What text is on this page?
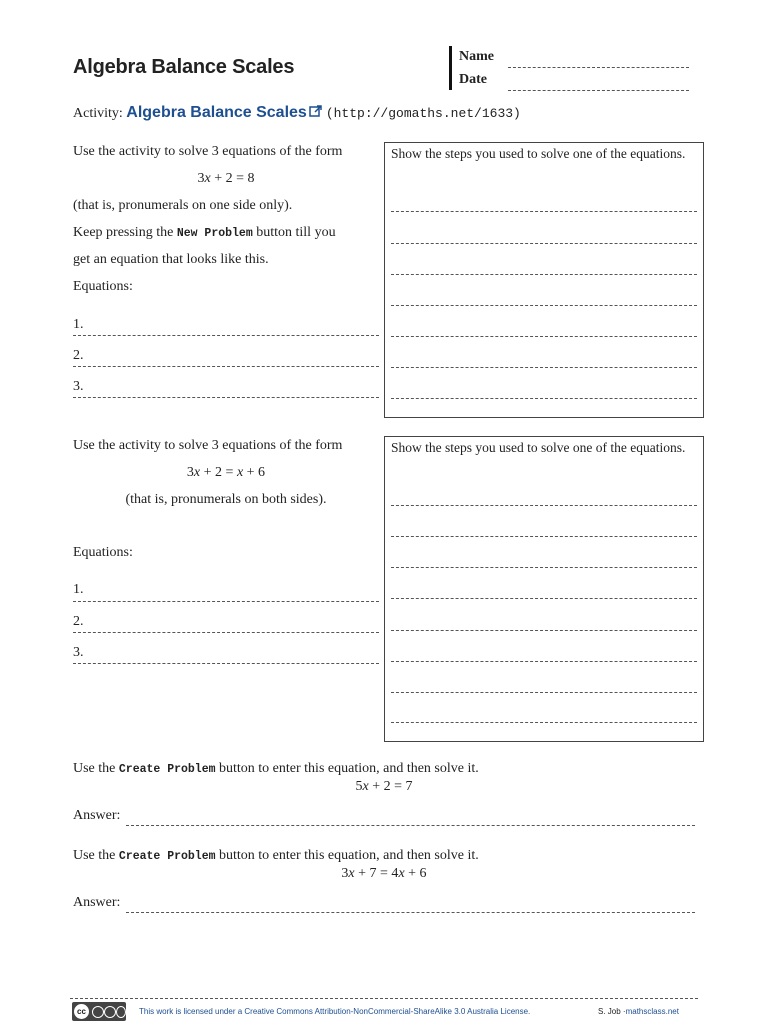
Algebra Balance Scales	Name
Date
Activity: Algebra Balance Scales (http://gomaths.net/1633)
Use the activity to solve 3 equations of the form
3x + 2 = 8
(that is, pronumerals on one side only).
Keep pressing the New Problem button till you
get an equation that looks like this.
Equations:
1.
2.
3.
Show the steps you used to solve one of the equations.
Use the activity to solve 3 equations of the form
3x + 2 = x + 6
(that is, pronumerals on both sides).
Equations:
1.
2.
3.
Show the steps you used to solve one of the equations.
Use the Create Problem button to enter this equation, and then solve it.
5x + 2 = 7
Answer:
Use the Create Problem button to enter this equation, and then solve it.
3x + 7 = 4x + 6
Answer:
cc	This work is licensed under a Creative Commons Attribution-NonCommercial-ShareAlike 3.0 Australia License.	S. Job ·mathsclass.net
